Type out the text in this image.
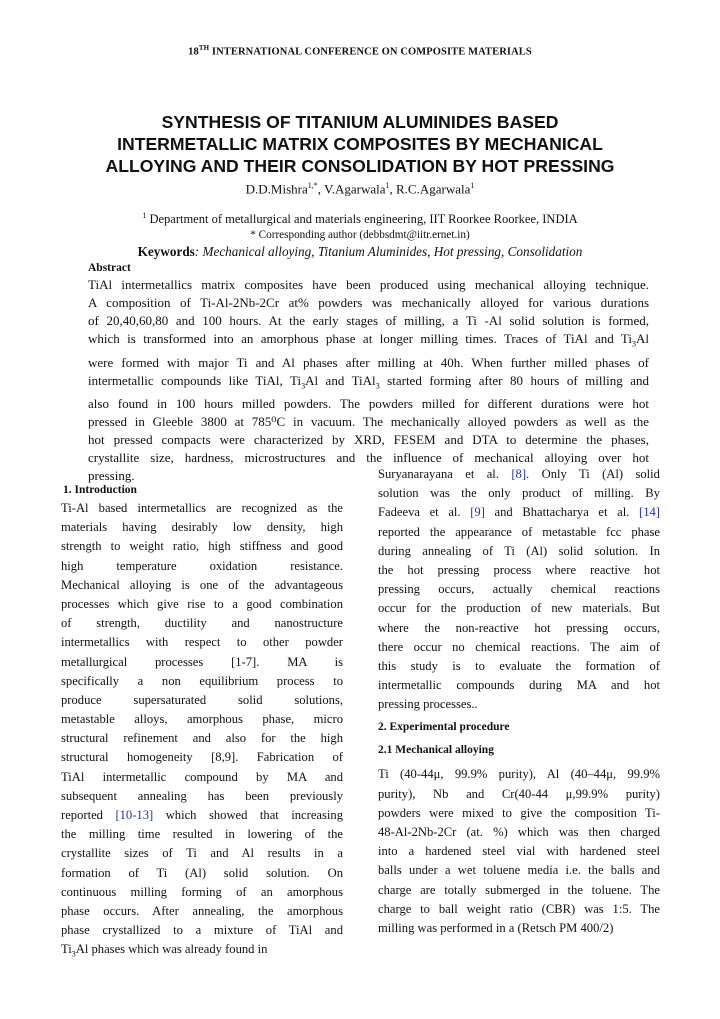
18TH INTERNATIONAL CONFERENCE ON COMPOSITE MATERIALS
SYNTHESIS OF TITANIUM ALUMINIDES BASED
INTERMETALLIC MATRIX COMPOSITES BY MECHANICAL
ALLOYING AND THEIR CONSOLIDATION BY HOT PRESSING
D.D.Mishra$^{1,*}$, V.Agarwala$^1$, R.C.Agarwala$^1$
$^1$ Department of metallurgical and materials engineering, IIT Roorkee Roorkee, INDIA
* Corresponding author (debbsdmt@iitr.ernet.in)
Keywords: Mechanical alloying, Titanium Aluminides, Hot pressing, Consolidation
Abstract
TiAl intermetallics matrix composites have been produced using mechanical alloying technique.
A composition of Ti-Al-2Nb-2Cr at% powders was mechanically alloyed for various durations
of 20,40,60,80 and 100 hours. At the early stages of milling, a Ti -Al solid solution is formed,
which is transformed into an amorphous phase at longer milling times. Traces of TiAl and $Ti_3Al$
were formed with major Ti and Al phases after milling at 40h. When further milled phases of
intermetallic compounds like TiAl, $Ti_3Al$ and TiAl$_3$ started forming after 80 hours of milling and
also found in 100 hours milled powders. The powders milled for different durations were hot
pressed in Gleeble 3800 at 785⁰C in vacuum. The mechanically alloyed powders as well as the
hot pressed compacts were characterized by XRD, FESEM and DTA to determine the phases,
crystallite size, hardness, microstructures and the influence of mechanical alloying over hot
pressing.
1. Introduction
Ti-Al based intermetallics are recognized as the
materials having desirably low density, high
strength to weight ratio, high stiffness and good
high temperature oxidation resistance.
Mechanical alloying is one of the advantageous
processes which give rise to a good combination
of strength, ductility and nanostructure
intermetallics with respect to other powder
metallurgical processes [1-7]. MA is
specifically a non equilibrium process to
produce supersaturated solid solutions,
metastable alloys, amorphous phase, micro
structural refinement and also for the high
structural homogeneity [8,9]. Fabrication of
TiAl intermetallic compound by MA and
subsequent annealing has been previously
reported [10-13] which showed that increasing
the milling time resulted in lowering of the
crystallite sizes of Ti and Al results in a
formation of Ti (Al) solid solution. On
continuous milling forming of an amorphous
phase occurs. After annealing, the amorphous
phase crystallized to a mixture of TiAl and
$Ti_3Al$ phases which was already found in
Suryanarayana et al. [8]. Only Ti (Al) solid
solution was the only product of milling. By
Fadeeva et al. [9] and Bhattacharya et al. [14]
reported the appearance of metastable fcc phase
during annealing of Ti (Al) solid solution. In
the hot pressing process where reactive hot
pressing occurs, actually chemical reactions
occur for the production of new materials. But
where the non-reactive hot pressing occurs,
there occur no chemical reactions. The aim of
this study is to evaluate the formation of
intermetallic compounds during MA and hot
pressing processes..
2. Experimental procedure
2.1 Mechanical alloying
Ti (40-44μ, 99.9% purity), Al (40–44μ, 99.9%
purity), Nb and Cr(40-44 μ,99.9% purity)
powders were mixed to give the composition Ti-
48-Al-2Nb-2Cr (at. %) which was then charged
into a hardened steel vial with hardened steel
balls under a wet toluene media i.e. the balls and
charge are totally submerged in the toluene. The
charge to ball weight ratio (CBR) was 1:5. The
milling was performed in a (Retsch PM 400/2)
